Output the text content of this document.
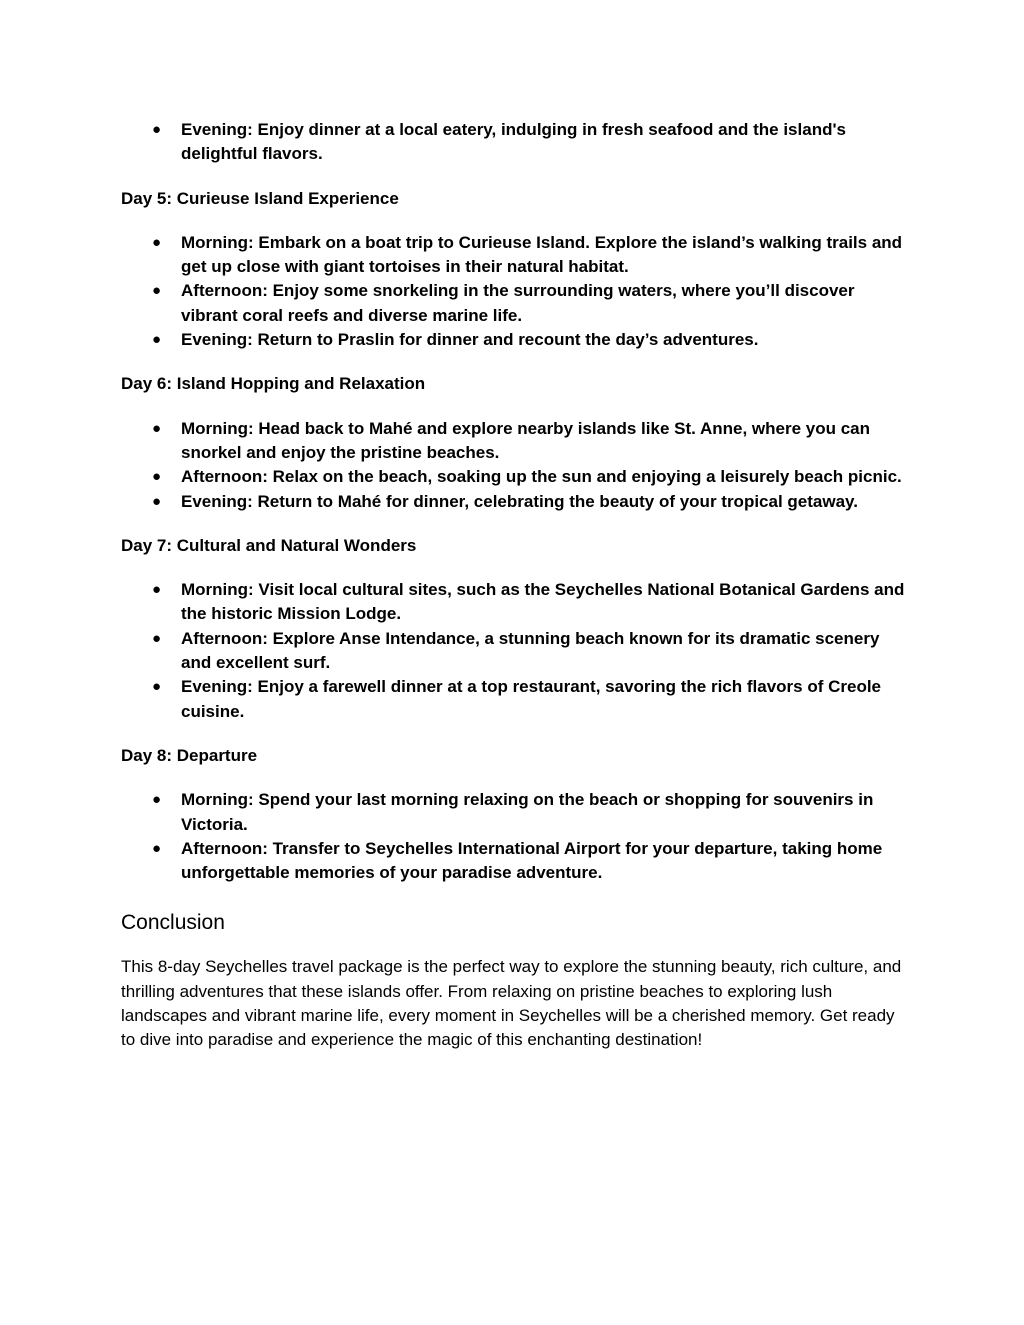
● Evening: Enjoy dinner at a local eatery, indulging in fresh seafood and the island's delightful flavors.
Day 5: Curieuse Island Experience
● Morning: Embark on a boat trip to Curieuse Island. Explore the island’s walking trails and get up close with giant tortoises in their natural habitat.
● Afternoon: Enjoy some snorkeling in the surrounding waters, where you’ll discover vibrant coral reefs and diverse marine life.
● Evening: Return to Praslin for dinner and recount the day’s adventures.
Day 6: Island Hopping and Relaxation
● Morning: Head back to Mahé and explore nearby islands like St. Anne, where you can snorkel and enjoy the pristine beaches.
● Afternoon: Relax on the beach, soaking up the sun and enjoying a leisurely beach picnic.
● Evening: Return to Mahé for dinner, celebrating the beauty of your tropical getaway.
Day 7: Cultural and Natural Wonders
● Morning: Visit local cultural sites, such as the Seychelles National Botanical Gardens and the historic Mission Lodge.
● Afternoon: Explore Anse Intendance, a stunning beach known for its dramatic scenery and excellent surf.
● Evening: Enjoy a farewell dinner at a top restaurant, savoring the rich flavors of Creole cuisine.
Day 8: Departure
● Morning: Spend your last morning relaxing on the beach or shopping for souvenirs in Victoria.
● Afternoon: Transfer to Seychelles International Airport for your departure, taking home unforgettable memories of your paradise adventure.
Conclusion

This 8-day Seychelles travel package is the perfect way to explore the stunning beauty, rich culture, and thrilling adventures that these islands offer. From relaxing on pristine beaches to exploring lush landscapes and vibrant marine life, every moment in Seychelles will be a cherished memory. Get ready to dive into paradise and experience the magic of this enchanting destination!
